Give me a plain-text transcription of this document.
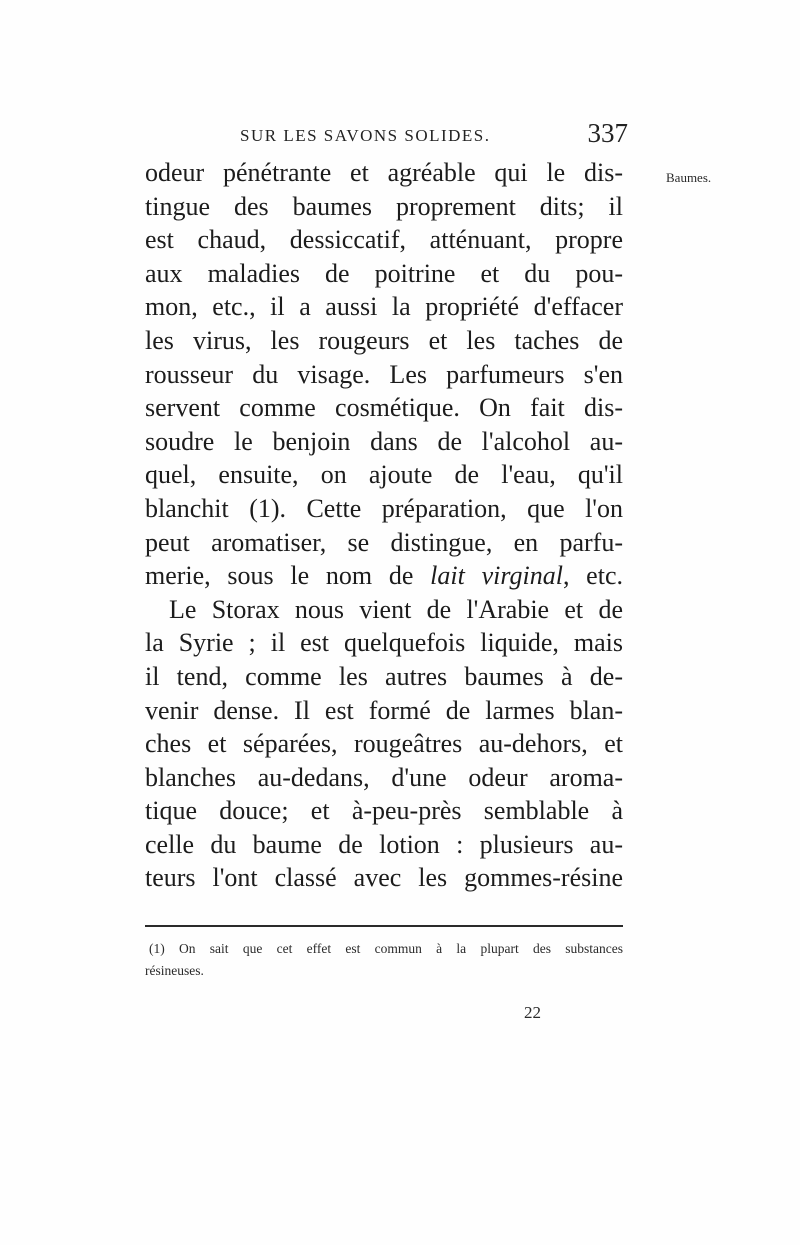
SUR LES SAVONS SOLIDES.	337
Baumes.
odeur pénétrante et agréable qui le dis-
tingue des baumes proprement dits; il
est chaud, dessiccatif, atténuant, propre
aux maladies de poitrine et du pou-
mon, etc., il a aussi la propriété d'effacer
les virus, les rougeurs et les taches de
rousseur du visage. Les parfumeurs s'en
servent comme cosmétique. On fait dis-
soudre le benjoin dans de l'alcohol au-
quel, ensuite, on ajoute de l'eau, qu'il
blanchit (1). Cette préparation, que l'on
peut aromatiser, se distingue, en parfu-
merie, sous le nom de lait virginal, etc.
Le Storax nous vient de l'Arabie et de
la Syrie ; il est quelquefois liquide, mais
il tend, comme les autres baumes à de-
venir dense. Il est formé de larmes blan-
ches et séparées, rougeâtres au-dehors, et
blanches au-dedans, d'une odeur aroma-
tique douce; et à-peu-près semblable à
celle du baume de lotion : plusieurs au-
teurs l'ont classé avec les gommes-résine
(1) On sait que cet effet est commun à la plupart des substances
résineuses.
22
